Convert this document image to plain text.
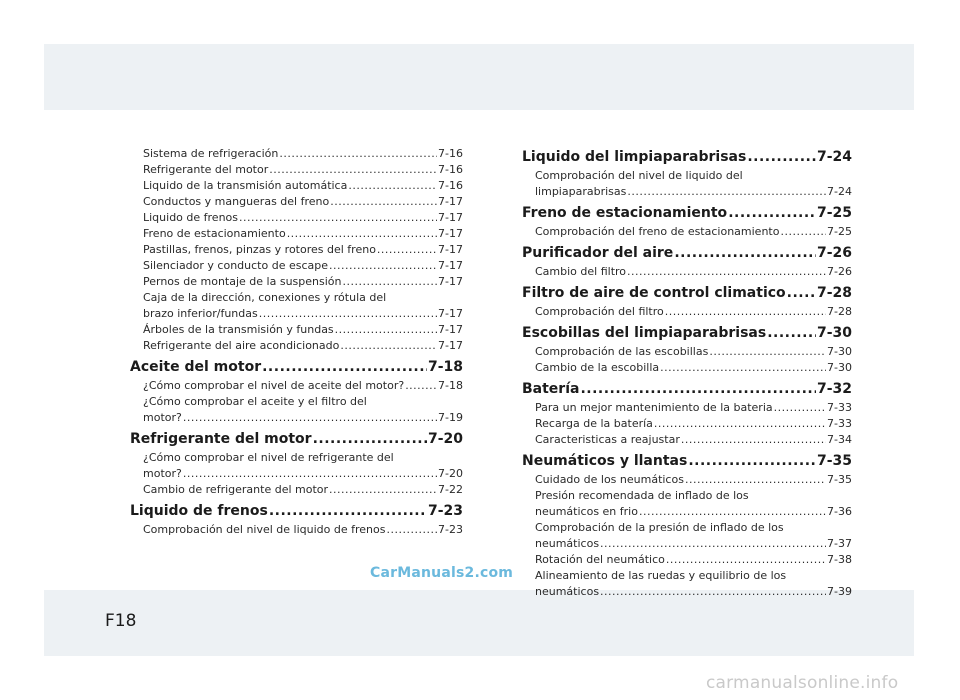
Sistema de refrigeración .....	7-16
Refrigerante del motor .....	7-16
Liquido de la transmisión automática .....	7-16
Conductos y mangueras del freno .....	7-17
Liquido de frenos .....	7-17
Freno de estacionamiento .....	7-17
Pastillas, frenos, pinzas y rotores del freno .....	7-17
Silenciador y conducto de escape .....	7-17
Pernos de montaje de la suspensión .....	7-17
Caja de la dirección, conexiones y rótula del
brazo inferior/fundas .....	7-17
Árboles de la transmisión y fundas .....	7-17
Refrigerante del aire acondicionado .....	7-17
Aceite del motor .....	7-18
¿Cómo comprobar el nivel de aceite del motor? .....	7-18
¿Cómo comprobar el aceite y el filtro del
motor? .....	7-19
Refrigerante del motor .....	7-20
¿Cómo comprobar el nivel de refrigerante del
motor? .....	7-20
Cambio de refrigerante del motor .....	7-22
Liquido de frenos .....	7-23
Comprobación del nivel de liquido de frenos .....	7-23
Liquido del limpiaparabrisas .....	7-24
Comprobación del nivel de liquido del
limpiaparabrisas .....	7-24
Freno de estacionamiento .....	7-25
Comprobación del freno de estacionamiento .....	7-25
Purificador del aire .....	7-26
Cambio del filtro .....	7-26
Filtro de aire de control climatico ..... 7-28
Comprobación del filtro .....	7-28
Escobillas del limpiaparabrisas .....	7-30
Comprobación de las escobillas .....	7-30
Cambio de la escobilla .....	7-30
Batería .....	7-32
Para un mejor mantenimiento de la bateria .....	7-33
Recarga de la batería .....	7-33
Caracteristicas a reajustar .....	7-34
Neumáticos y llantas .....	7-35
Cuidado de los neumáticos .....	7-35
Presión recomendada de inflado de los
neumáticos en frio .....	7-36
Comprobación de la presión de inflado de los
neumáticos .....	7-37
Rotación del neumático .....	7-38
Alineamiento de las ruedas y equilibrio de los
neumáticos .....	7-39
F18
CarManuals2.com
carmanualsonline.info
